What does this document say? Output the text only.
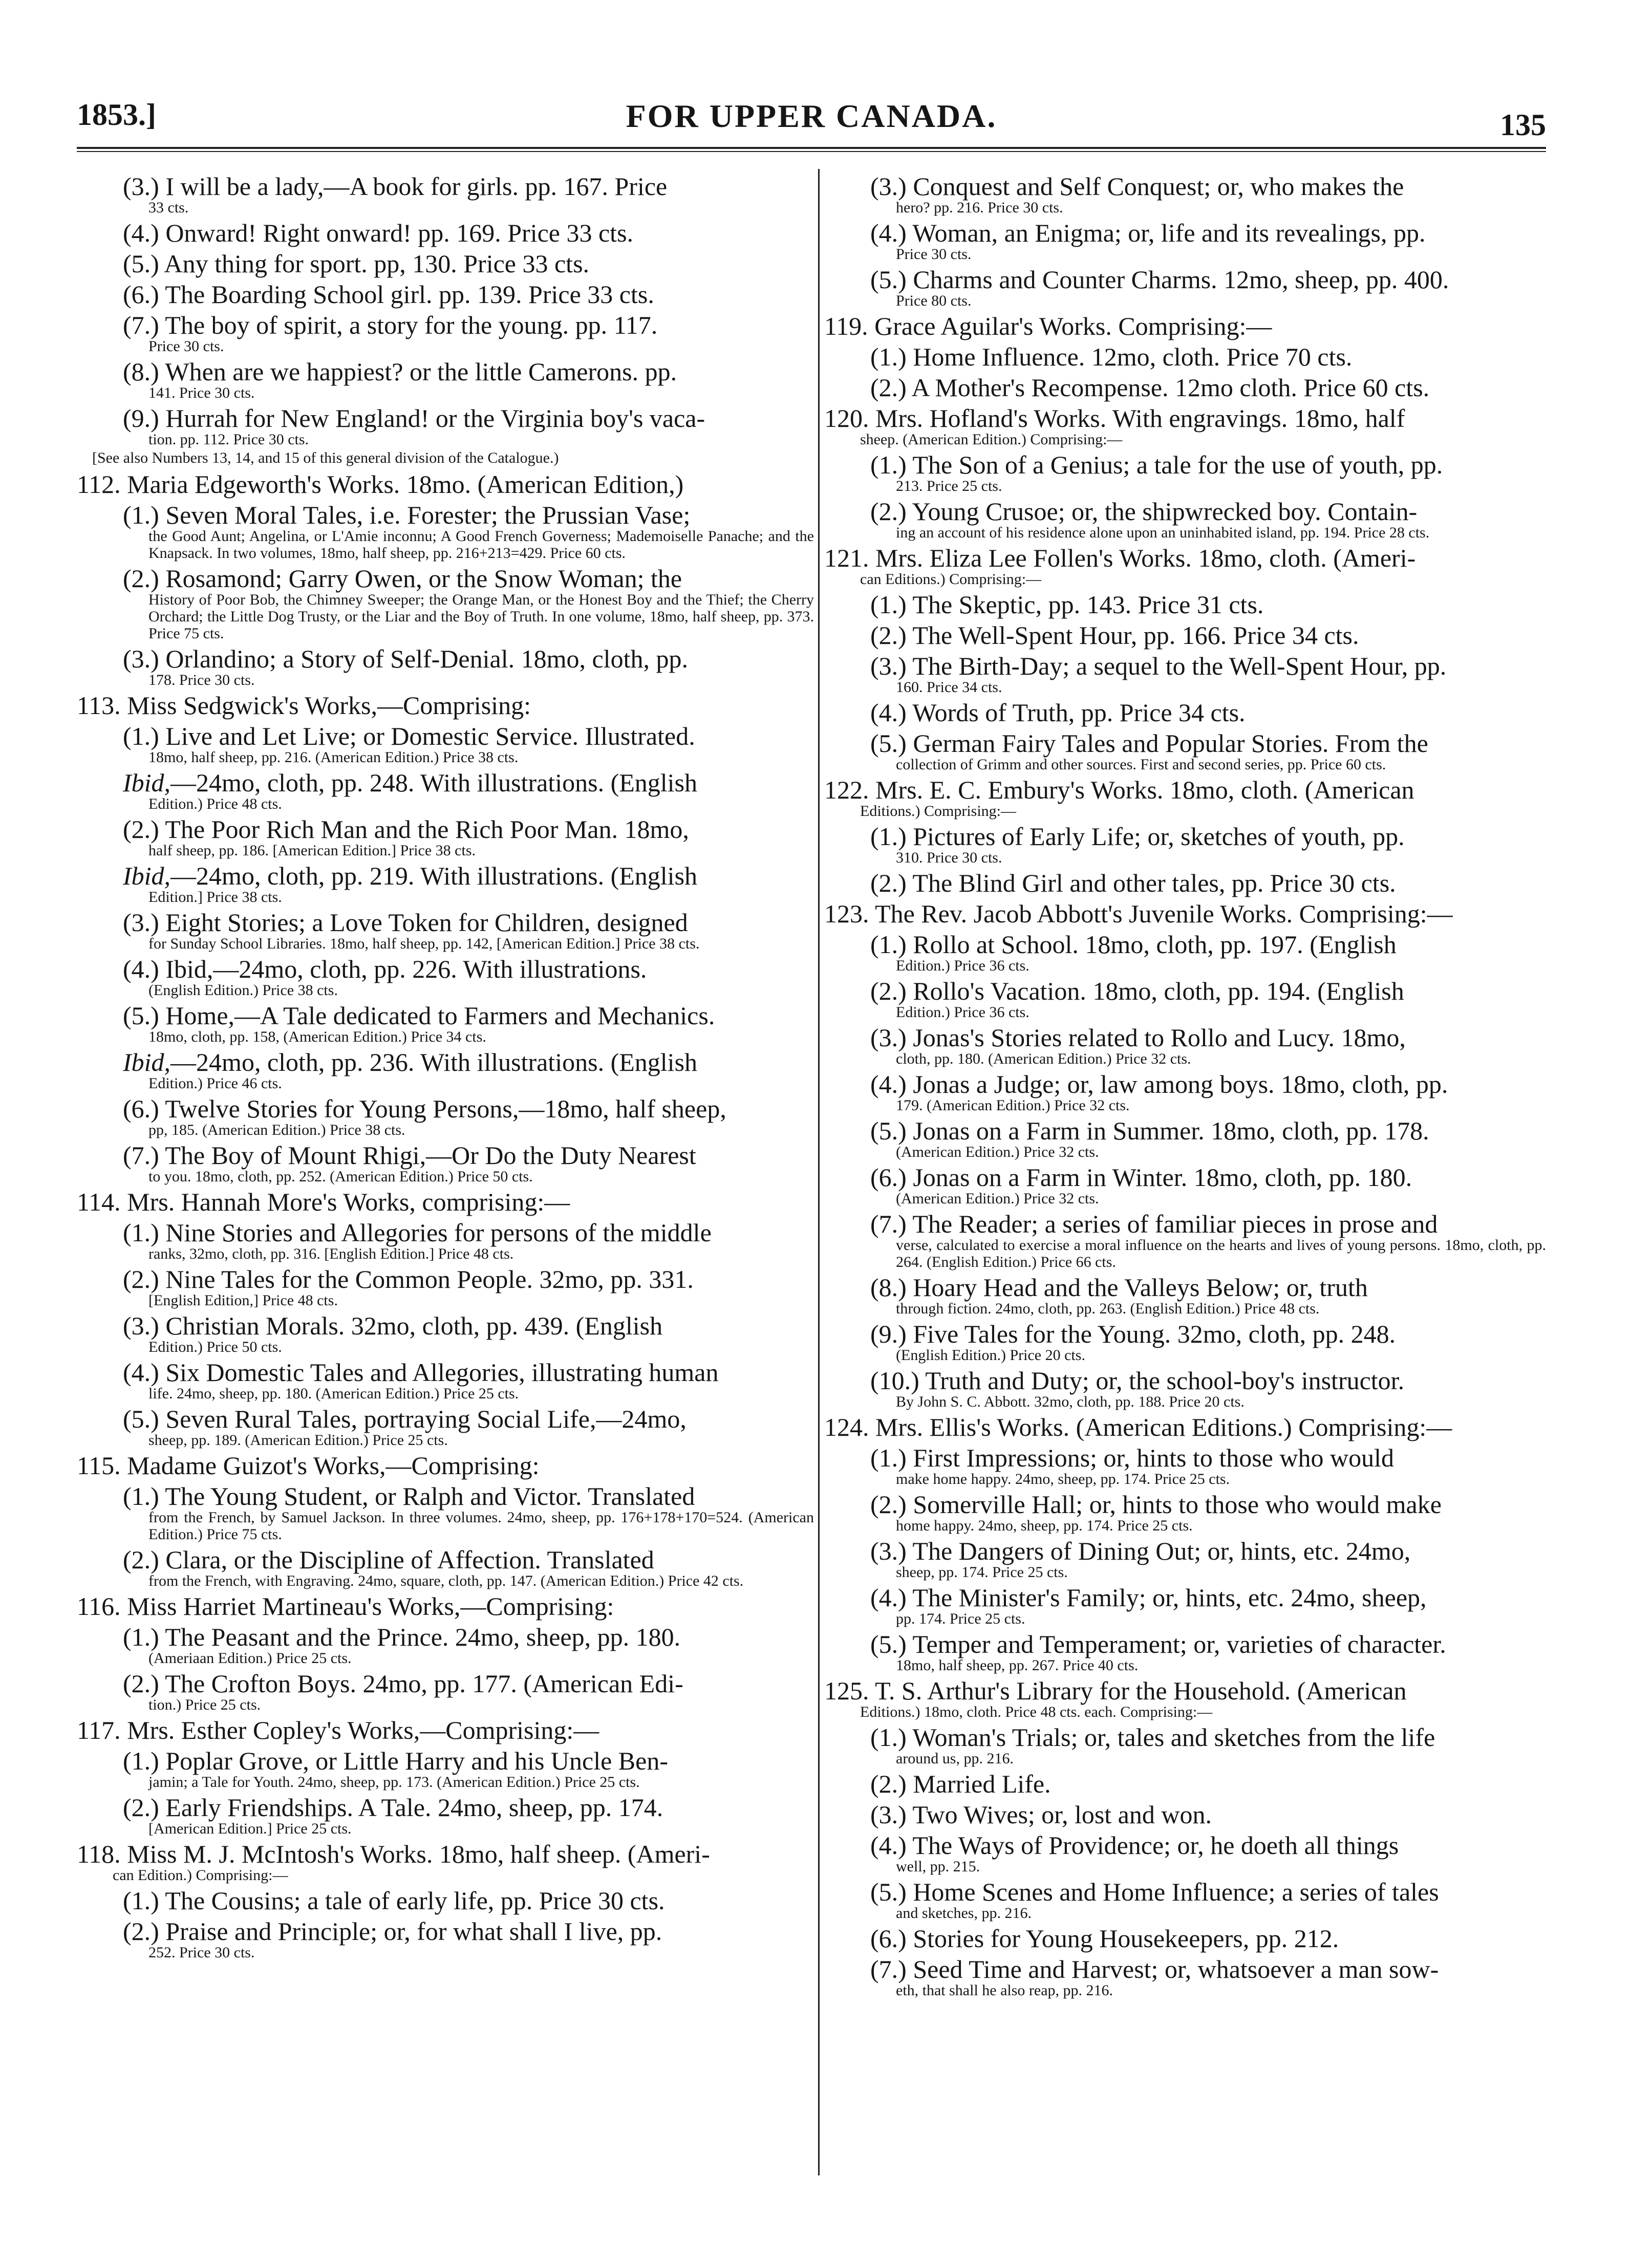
1853.]	FOR UPPER CANADA.	135
(3.) I will be a lady,—A book for girls. pp. 167. Price
33 cts.
(4.) Onward! Right onward! pp. 169. Price 33 cts.
(5.) Any thing for sport. pp, 130. Price 33 cts.
(6.) The Boarding School girl. pp. 139. Price 33 cts.
(7.) The boy of spirit, a story for the young. pp. 117.
Price 30 cts.
(8.) When are we happiest? or the little Camerons. pp.
141. Price 30 cts.
(9.) Hurrah for New England! or the Virginia boy's vaca-
tion. pp. 112. Price 30 cts.
[See also Numbers 13, 14, and 15 of this general division of the Catalogue.)
112. Maria Edgeworth's Works. 18mo. (American Edition,)
(1.) Seven Moral Tales, i.e. Forester; the Prussian Vase;
the Good Aunt; Angelina, or L'Amie inconnu; A Good French Governess; Mademoiselle Panache; and the Knapsack. In two volumes, 18mo, half sheep, pp. 216+213=429. Price 60 cts.
(2.) Rosamond; Garry Owen, or the Snow Woman; the
History of Poor Bob, the Chimney Sweeper; the Orange Man, or the Honest Boy and the Thief; the Cherry Orchard; the Little Dog Trusty, or the Liar and the Boy of Truth. In one volume, 18mo, half sheep, pp. 373. Price 75 cts.
(3.) Orlandino; a Story of Self-Denial. 18mo, cloth, pp.
178. Price 30 cts.
113. Miss Sedgwick's Works,—Comprising:
(1.) Live and Let Live; or Domestic Service. Illustrated.
18mo, half sheep, pp. 216. (American Edition.) Price 38 cts.
Ibid,—24mo, cloth, pp. 248. With illustrations. (English
Edition.) Price 48 cts.
(2.) The Poor Rich Man and the Rich Poor Man. 18mo,
half sheep, pp. 186. [American Edition.] Price 38 cts.
Ibid,—24mo, cloth, pp. 219. With illustrations. (English
Edition.] Price 38 cts.
(3.) Eight Stories; a Love Token for Children, designed
for Sunday School Libraries. 18mo, half sheep, pp. 142, [American Edition.] Price 38 cts.
(4.) Ibid,—24mo, cloth, pp. 226. With illustrations.
(English Edition.) Price 38 cts.
(5.) Home,—A Tale dedicated to Farmers and Mechanics.
18mo, cloth, pp. 158, (American Edition.) Price 34 cts.
Ibid,—24mo, cloth, pp. 236. With illustrations. (English
Edition.) Price 46 cts.
(6.) Twelve Stories for Young Persons,—18mo, half sheep,
pp, 185. (American Edition.) Price 38 cts.
(7.) The Boy of Mount Rhigi,—Or Do the Duty Nearest
to you. 18mo, cloth, pp. 252. (American Edition.) Price 50 cts.
114. Mrs. Hannah More's Works, comprising:—
(1.) Nine Stories and Allegories for persons of the middle
ranks, 32mo, cloth, pp. 316. [English Edition.] Price 48 cts.
(2.) Nine Tales for the Common People. 32mo, pp. 331.
[English Edition,] Price 48 cts.
(3.) Christian Morals. 32mo, cloth, pp. 439. (English
Edition.) Price 50 cts.
(4.) Six Domestic Tales and Allegories, illustrating human
life. 24mo, sheep, pp. 180. (American Edition.) Price 25 cts.
(5.) Seven Rural Tales, portraying Social Life,—24mo,
sheep, pp. 189. (American Edition.) Price 25 cts.
115. Madame Guizot's Works,—Comprising:
(1.) The Young Student, or Ralph and Victor. Translated
from the French, by Samuel Jackson. In three volumes. 24mo, sheep, pp. 176+178+170=524. (American Edition.) Price 75 cts.
(2.) Clara, or the Discipline of Affection. Translated
from the French, with Engraving. 24mo, square, cloth, pp. 147. (American Edition.) Price 42 cts.
116. Miss Harriet Martineau's Works,—Comprising:
(1.) The Peasant and the Prince. 24mo, sheep, pp. 180.
(Ameriaan Edition.) Price 25 cts.
(2.) The Crofton Boys. 24mo, pp. 177. (American Edi-
tion.) Price 25 cts.
117. Mrs. Esther Copley's Works,—Comprising:—
(1.) Poplar Grove, or Little Harry and his Uncle Ben-
jamin; a Tale for Youth. 24mo, sheep, pp. 173. (American Edition.) Price 25 cts.
(2.) Early Friendships. A Tale. 24mo, sheep, pp. 174.
[American Edition.] Price 25 cts.
118. Miss M. J. McIntosh's Works. 18mo, half sheep. (Ameri-
can Edition.) Comprising:—
(1.) The Cousins; a tale of early life, pp. Price 30 cts.
(2.) Praise and Principle; or, for what shall I live, pp.
252. Price 30 cts.
(3.) Conquest and Self Conquest; or, who makes the
hero? pp. 216. Price 30 cts.
(4.) Woman, an Enigma; or, life and its revealings, pp.
Price 30 cts.
(5.) Charms and Counter Charms. 12mo, sheep, pp. 400.
Price 80 cts.
119. Grace Aguilar's Works. Comprising:—
(1.) Home Influence. 12mo, cloth. Price 70 cts.
(2.) A Mother's Recompense. 12mo cloth. Price 60 cts.
120. Mrs. Hofland's Works. With engravings. 18mo, half
sheep. (American Edition.) Comprising:—
(1.) The Son of a Genius; a tale for the use of youth, pp.
213. Price 25 cts.
(2.) Young Crusoe; or, the shipwrecked boy. Contain-
ing an account of his residence alone upon an uninhabited island, pp. 194. Price 28 cts.
121. Mrs. Eliza Lee Follen's Works. 18mo, cloth. (Ameri-
can Editions.) Comprising:—
(1.) The Skeptic, pp. 143. Price 31 cts.
(2.) The Well-Spent Hour, pp. 166. Price 34 cts.
(3.) The Birth-Day; a sequel to the Well-Spent Hour, pp.
160. Price 34 cts.
(4.) Words of Truth, pp. Price 34 cts.
(5.) German Fairy Tales and Popular Stories. From the
collection of Grimm and other sources. First and second series, pp. Price 60 cts.
122. Mrs. E. C. Embury's Works. 18mo, cloth. (American
Editions.) Comprising:—
(1.) Pictures of Early Life; or, sketches of youth, pp.
310. Price 30 cts.
(2.) The Blind Girl and other tales, pp. Price 30 cts.
123. The Rev. Jacob Abbott's Juvenile Works. Comprising:—
(1.) Rollo at School. 18mo, cloth, pp. 197. (English
Edition.) Price 36 cts.
(2.) Rollo's Vacation. 18mo, cloth, pp. 194. (English
Edition.) Price 36 cts.
(3.) Jonas's Stories related to Rollo and Lucy. 18mo,
cloth, pp. 180. (American Edition.) Price 32 cts.
(4.) Jonas a Judge; or, law among boys. 18mo, cloth, pp.
179. (American Edition.) Price 32 cts.
(5.) Jonas on a Farm in Summer. 18mo, cloth, pp. 178.
(American Edition.) Price 32 cts.
(6.) Jonas on a Farm in Winter. 18mo, cloth, pp. 180.
(American Edition.) Price 32 cts.
(7.) The Reader; a series of familiar pieces in prose and
verse, calculated to exercise a moral influence on the hearts and lives of young persons. 18mo, cloth, pp. 264. (English Edition.) Price 66 cts.
(8.) Hoary Head and the Valleys Below; or, truth
through fiction. 24mo, cloth, pp. 263. (English Edition.) Price 48 cts.
(9.) Five Tales for the Young. 32mo, cloth, pp. 248.
(English Edition.) Price 20 cts.
(10.) Truth and Duty; or, the school-boy's instructor.
By John S. C. Abbott. 32mo, cloth, pp. 188. Price 20 cts.
124. Mrs. Ellis's Works. (American Editions.) Comprising:—
(1.) First Impressions; or, hints to those who would
make home happy. 24mo, sheep, pp. 174. Price 25 cts.
(2.) Somerville Hall; or, hints to those who would make
home happy. 24mo, sheep, pp. 174. Price 25 cts.
(3.) The Dangers of Dining Out; or, hints, etc. 24mo,
sheep, pp. 174. Price 25 cts.
(4.) The Minister's Family; or, hints, etc. 24mo, sheep,
pp. 174. Price 25 cts.
(5.) Temper and Temperament; or, varieties of character.
18mo, half sheep, pp. 267. Price 40 cts.
125. T. S. Arthur's Library for the Household. (American
Editions.) 18mo, cloth. Price 48 cts. each. Comprising:—
(1.) Woman's Trials; or, tales and sketches from the life
around us, pp. 216.
(2.) Married Life.
(3.) Two Wives; or, lost and won.
(4.) The Ways of Providence; or, he doeth all things
well, pp. 215.
(5.) Home Scenes and Home Influence; a series of tales
and sketches, pp. 216.
(6.) Stories for Young Housekeepers, pp. 212.
(7.) Seed Time and Harvest; or, whatsoever a man sow-
eth, that shall he also reap, pp. 216.
